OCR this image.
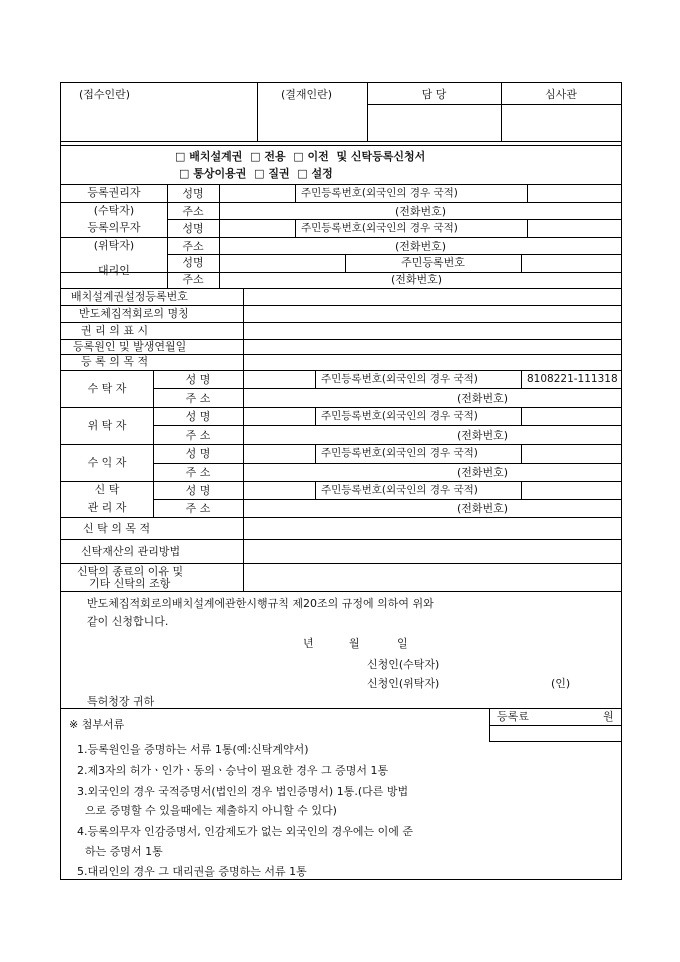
(접수인란)	(결재인란)	담 당	심사관
□ 배치설계권 □ 전용 □ 이전 및 신탁등록신청서
□ 통상이용권 □ 질권 □ 설정
등록권리자
(수탁자)
성명	주민등록번호(외국인의 경우 국적)
주소	(전화번호)
등록의무자
(위탁자)
성명	주민등록번호(외국인의 경우 국적)
주소	(전화번호)
대리인
성명	주민등록번호
주소	(전화번호)
배치설계권설정등록번호
반도체집적회로의 명칭
권 리 의 표 시
등록원인 및 발생연월일
등 록 의 목 적
수 탁 자
성 명	주민등록번호(외국인의 경우 국적)	8108221-111318
주 소	(전화번호)
위 탁 자
성 명	주민등록번호(외국인의 경우 국적)
주 소	(전화번호)
수 익 자
성 명	주민등록번호(외국인의 경우 국적)
주 소	(전화번호)
신 탁
관 리 자
성 명	주민등록번호(외국인의 경우 국적)
주 소	(전화번호)
신 탁 의 목 적
신탁재산의 관리방법
신탁의 종료의 이유 및
기타 신탁의 조항
반도체집적회로의배치설계에관한시행규칙 제20조의 규정에 의하여 위와
같이 신청합니다.
년	월	일
신청인(수탁자)
신청인(위탁자)	(인)
특허청장 귀하
※ 첨부서류
등록료	원
1.등록원인을 증명하는 서류 1통(예:신탁계약서)
2.제3자의 허가ㆍ인가ㆍ동의ㆍ승낙이 필요한 경우 그 증명서 1통
3.외국인의 경우 국적증명서(법인의 경우 법인증명서) 1통.(다른 방법
으로 증명할 수 있을때에는 제출하지 아니할 수 있다)
4.등록의무자 인감증명서, 인감제도가 없는 외국인의 경우에는 이에 준
하는 증명서 1통
5.대리인의 경우 그 대리권을 증명하는 서류 1통
